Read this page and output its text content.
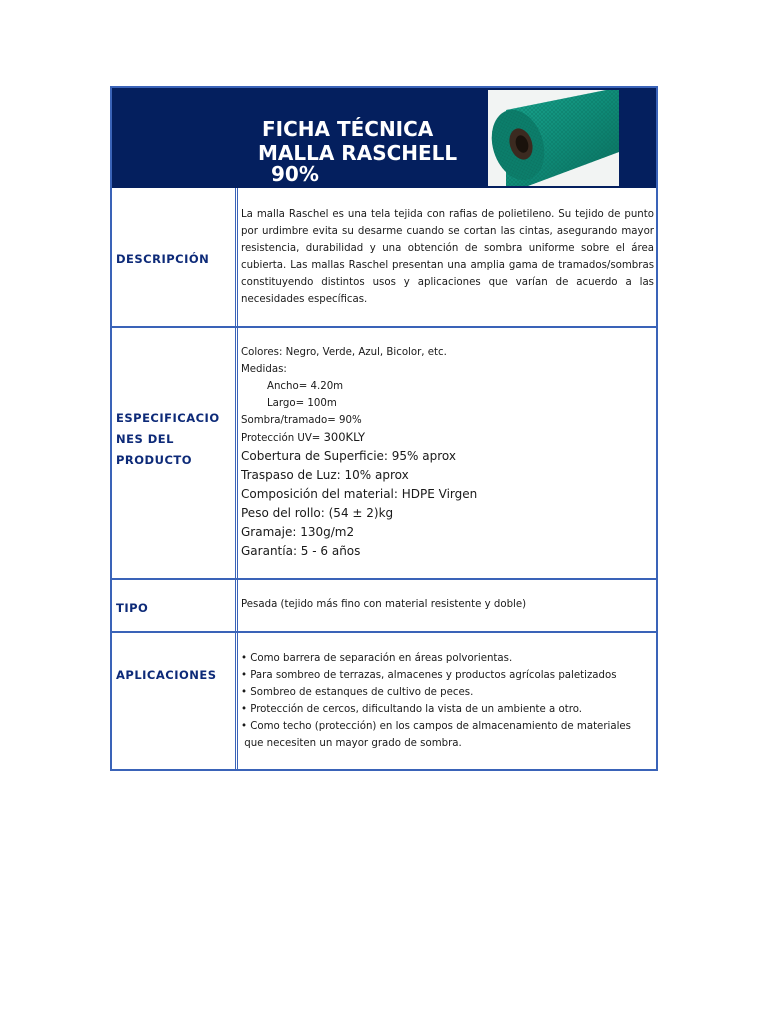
FICHA TÉCNICA
MALLA RASCHELL
90%
DESCRIPCIÓN
La malla Raschel es una tela tejida con rafias de polietileno. Su tejido de punto por urdimbre evita su desarme cuando se cortan las cintas, asegurando mayor resistencia, durabilidad y una obtención de sombra uniforme sobre el área cubierta. Las mallas Raschel presentan una amplia gama de tramados/sombras constituyendo distintos usos y aplicaciones que varían de acuerdo a las necesidades específicas.
ESPECIFICACIO
NES DEL
PRODUCTO
Colores: Negro, Verde, Azul, Bicolor, etc.
Medidas:
Ancho= 4.20m
Largo= 100m
Sombra/tramado= 90%
Protección UV= 300KLY
Cobertura de Superficie: 95% aprox
Traspaso de Luz: 10% aprox
Composición del material: HDPE Virgen
Peso del rollo: (54 ± 2)kg
Gramaje: 130g/m2
Garantía: 5 - 6 años
TIPO	Pesada (tejido más fino con material resistente y doble)
APLICACIONES
• Como barrera de separación en áreas polvorientas.
• Para sombreo de terrazas, almacenes y productos agrícolas paletizados
• Sombreo de estanques de cultivo de peces.
• Protección de cercos, dificultando la vista de un ambiente a otro.
• Como techo (protección) en los campos de almacenamiento de materiales
que necesiten un mayor grado de sombra.
